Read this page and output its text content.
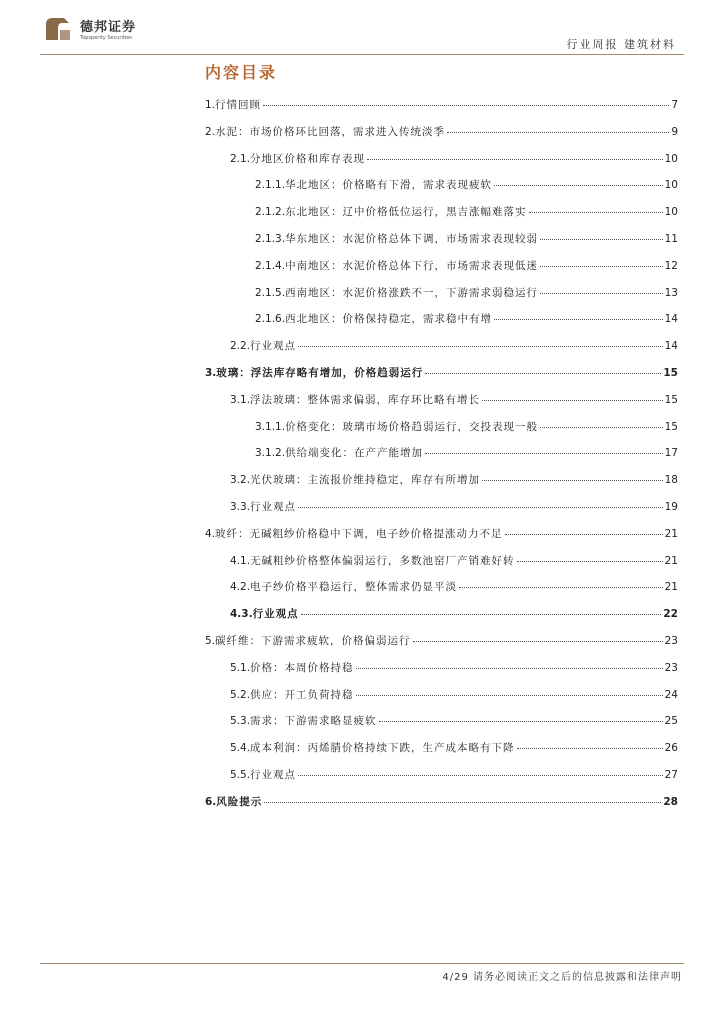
德邦证券
Topsperity Securities	行业周报 建筑材料
内容目录
1. 行情回顾	7
2. 水泥：市场价格环比回落，需求进入传统淡季	9
2.1. 分地区价格和库存表现	10
2.1.1. 华北地区：价格略有下滑，需求表现疲软	10
2.1.2. 东北地区：辽中价格低位运行，黑吉涨幅难落实	10
2.1.3. 华东地区：水泥价格总体下调，市场需求表现较弱	11
2.1.4. 中南地区：水泥价格总体下行，市场需求表现低迷	12
2.1.5. 西南地区：水泥价格涨跌不一，下游需求弱稳运行	13
2.1.6. 西北地区：价格保持稳定，需求稳中有增	14
2.2. 行业观点	14
3. 玻璃：浮法库存略有增加，价格趋弱运行	15
3.1. 浮法玻璃：整体需求偏弱，库存环比略有增长	15
3.1.1. 价格变化：玻璃市场价格趋弱运行，交投表现一般	15
3.1.2. 供给端变化：在产产能增加	17
3.2. 光伏玻璃：主流报价维持稳定，库存有所增加	18
3.3. 行业观点	19
4. 玻纤：无碱粗纱价格稳中下调，电子纱价格提涨动力不足	21
4.1. 无碱粗纱价格整体偏弱运行，多数池窑厂产销难好转	21
4.2. 电子纱价格平稳运行，整体需求仍显平淡	21
4.3. 行业观点	22
5. 碳纤维：下游需求疲软，价格偏弱运行	23
5.1. 价格：本周价格持稳	23
5.2. 供应：开工负荷持稳	24
5.3. 需求：下游需求略显疲软	25
5.4. 成本利润：丙烯腈价格持续下跌，生产成本略有下降	26
5.5. 行业观点	27
6. 风险提示	28
4/29 请务必阅读正文之后的信息披露和法律声明
